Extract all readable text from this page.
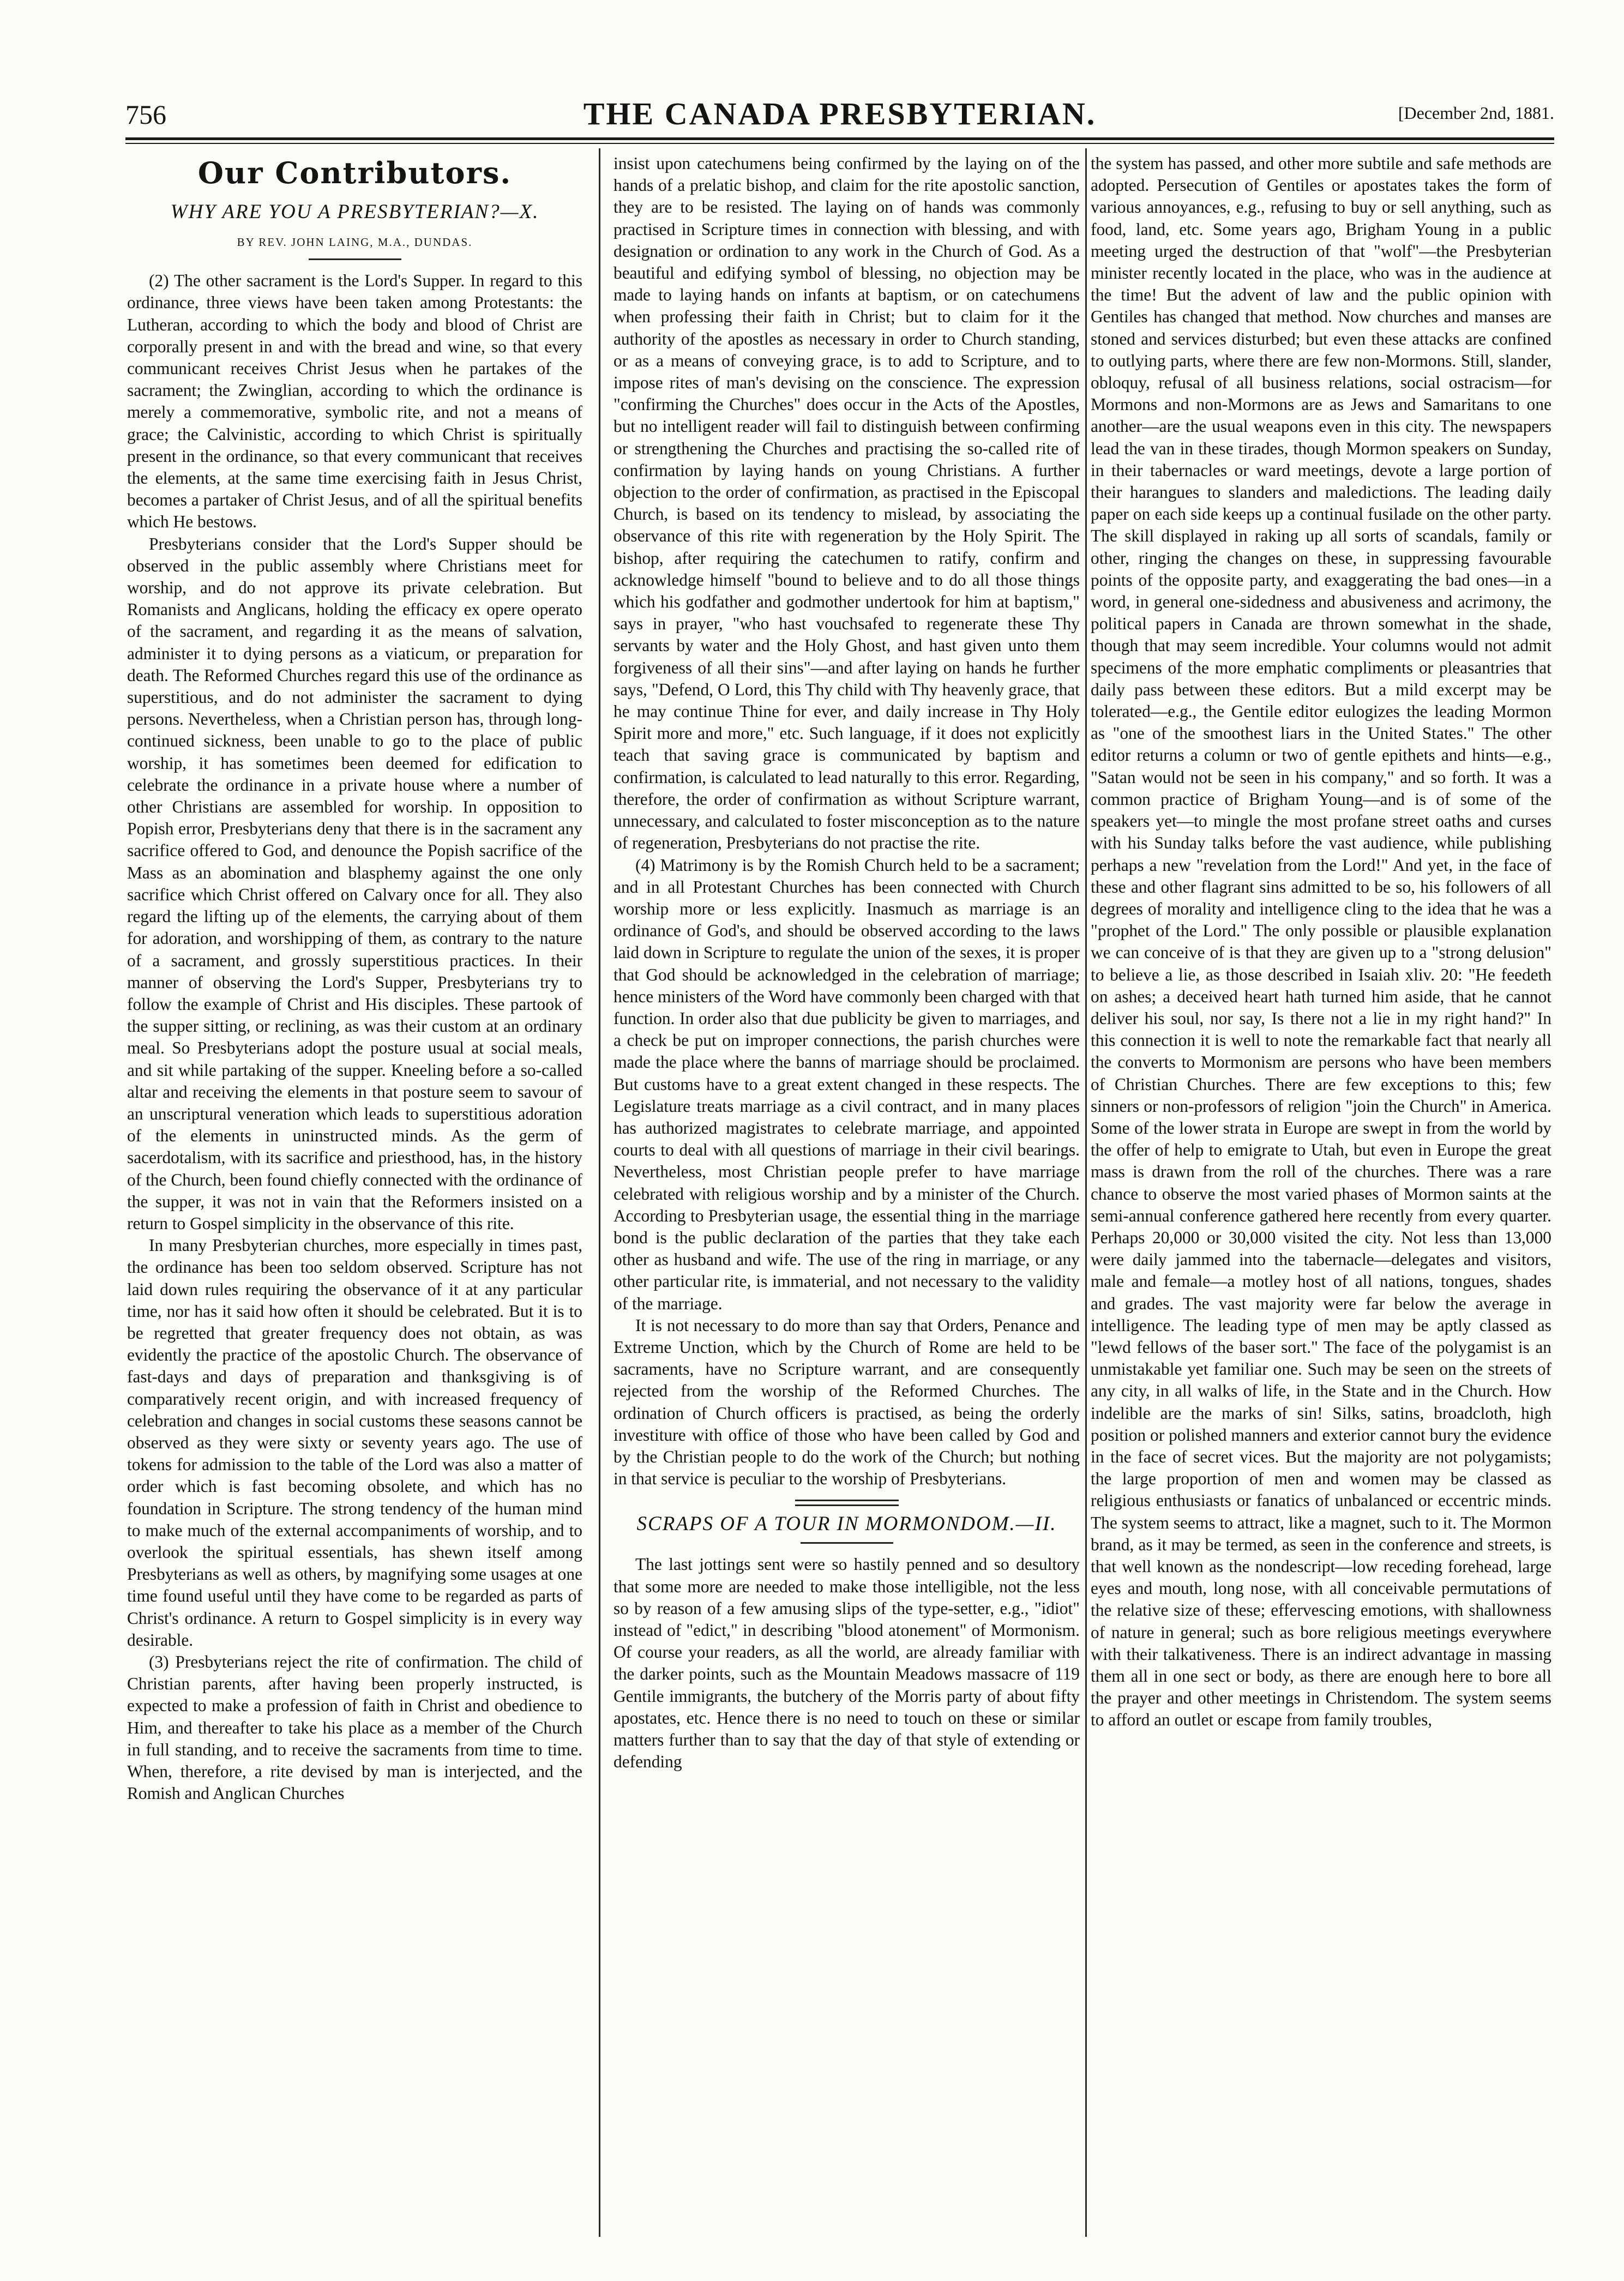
756	THE CANADA PRESBYTERIAN.	[December 2nd, 1881.
Our Contributors.
WHY ARE YOU A PRESBYTERIAN?—X.
BY REV. JOHN LAING, M.A., DUNDAS.

(2) The other sacrament is the Lord's Supper. In regard to this ordinance, three views have been taken among Protestants: the Lutheran, according to which the body and blood of Christ are corporally present in and with the bread and wine, so that every communicant receives Christ Jesus when he partakes of the sacrament; the Zwinglian, according to which the ordinance is merely a commemorative, symbolic rite, and not a means of grace; the Calvinistic, according to which Christ is spiritually present in the ordinance, so that every communicant that receives the elements, at the same time exercising faith in Jesus Christ, becomes a partaker of Christ Jesus, and of all the spiritual benefits which He bestows.

Presbyterians consider that the Lord's Supper should be observed in the public assembly where Christians meet for worship, and do not approve its private celebration. But Romanists and Anglicans, holding the efficacy ex opere operato of the sacrament, and regarding it as the means of salvation, administer it to dying persons as a viaticum, or preparation for death. The Reformed Churches regard this use of the ordinance as superstitious, and do not administer the sacrament to dying persons. Nevertheless, when a Christian person has, through long-continued sickness, been unable to go to the place of public worship, it has sometimes been deemed for edification to celebrate the ordinance in a private house where a number of other Christians are assembled for worship. In opposition to Popish error, Presbyterians deny that there is in the sacrament any sacrifice offered to God, and denounce the Popish sacrifice of the Mass as an abomination and blasphemy against the one only sacrifice which Christ offered on Calvary once for all. They also regard the lifting up of the elements, the carrying about of them for adoration, and worshipping of them, as contrary to the nature of a sacrament, and grossly superstitious practices. In their manner of observing the Lord's Supper, Presbyterians try to follow the example of Christ and His disciples. These partook of the supper sitting, or reclining, as was their custom at an ordinary meal. So Presbyterians adopt the posture usual at social meals, and sit while partaking of the supper. Kneeling before a so-called altar and receiving the elements in that posture seem to savour of an unscriptural veneration which leads to superstitious adoration of the elements in uninstructed minds. As the germ of sacerdotalism, with its sacrifice and priesthood, has, in the history of the Church, been found chiefly connected with the ordinance of the supper, it was not in vain that the Reformers insisted on a return to Gospel simplicity in the observance of this rite.

In many Presbyterian churches, more especially in times past, the ordinance has been too seldom observed. Scripture has not laid down rules requiring the observance of it at any particular time, nor has it said how often it should be celebrated. But it is to be regretted that greater frequency does not obtain, as was evidently the practice of the apostolic Church. The observance of fast-days and days of preparation and thanksgiving is of comparatively recent origin, and with increased frequency of celebration and changes in social customs these seasons cannot be observed as they were sixty or seventy years ago. The use of tokens for admission to the table of the Lord was also a matter of order which is fast becoming obsolete, and which has no foundation in Scripture. The strong tendency of the human mind to make much of the external accompaniments of worship, and to overlook the spiritual essentials, has shewn itself among Presbyterians as well as others, by magnifying some usages at one time found useful until they have come to be regarded as parts of Christ's ordinance. A return to Gospel simplicity is in every way desirable.

(3) Presbyterians reject the rite of confirmation. The child of Christian parents, after having been properly instructed, is expected to make a profession of faith in Christ and obedience to Him, and thereafter to take his place as a member of the Church in full standing, and to receive the sacraments from time to time. When, therefore, a rite devised by man is interjected, and the Romish and Anglican Churches

insist upon catechumens being confirmed by the laying on of the hands of a prelatic bishop, and claim for the rite apostolic sanction, they are to be resisted. The laying on of hands was commonly practised in Scripture times in connection with blessing, and with designation or ordination to any work in the Church of God. As a beautiful and edifying symbol of blessing, no objection may be made to laying hands on infants at baptism, or on catechumens when professing their faith in Christ; but to claim for it the authority of the apostles as necessary in order to Church standing, or as a means of conveying grace, is to add to Scripture, and to impose rites of man's devising on the conscience. The expression "confirming the Churches" does occur in the Acts of the Apostles, but no intelligent reader will fail to distinguish between confirming or strengthening the Churches and practising the so-called rite of confirmation by laying hands on young Christians. A further objection to the order of confirmation, as practised in the Episcopal Church, is based on its tendency to mislead, by associating the observance of this rite with regeneration by the Holy Spirit. The bishop, after requiring the catechumen to ratify, confirm and acknowledge himself "bound to believe and to do all those things which his godfather and godmother undertook for him at baptism," says in prayer, "who hast vouchsafed to regenerate these Thy servants by water and the Holy Ghost, and hast given unto them forgiveness of all their sins"—and after laying on hands he further says, "Defend, O Lord, this Thy child with Thy heavenly grace, that he may continue Thine for ever, and daily increase in Thy Holy Spirit more and more," etc. Such language, if it does not explicitly teach that saving grace is communicated by baptism and confirmation, is calculated to lead naturally to this error. Regarding, therefore, the order of confirmation as without Scripture warrant, unnecessary, and calculated to foster misconception as to the nature of regeneration, Presbyterians do not practise the rite.

(4) Matrimony is by the Romish Church held to be a sacrament; and in all Protestant Churches has been connected with Church worship more or less explicitly. Inasmuch as marriage is an ordinance of God's, and should be observed according to the laws laid down in Scripture to regulate the union of the sexes, it is proper that God should be acknowledged in the celebration of marriage; hence ministers of the Word have commonly been charged with that function. In order also that due publicity be given to marriages, and a check be put on improper connections, the parish churches were made the place where the banns of marriage should be proclaimed. But customs have to a great extent changed in these respects. The Legislature treats marriage as a civil contract, and in many places has authorized magistrates to celebrate marriage, and appointed courts to deal with all questions of marriage in their civil bearings. Nevertheless, most Christian people prefer to have marriage celebrated with religious worship and by a minister of the Church. According to Presbyterian usage, the essential thing in the marriage bond is the public declaration of the parties that they take each other as husband and wife. The use of the ring in marriage, or any other particular rite, is immaterial, and not necessary to the validity of the marriage.

It is not necessary to do more than say that Orders, Penance and Extreme Unction, which by the Church of Rome are held to be sacraments, have no Scripture warrant, and are consequently rejected from the worship of the Reformed Churches. The ordination of Church officers is practised, as being the orderly investiture with office of those who have been called by God and by the Christian people to do the work of the Church; but nothing in that service is peculiar to the worship of Presbyterians.

SCRAPS OF A TOUR IN MORMONDOM.—II.

The last jottings sent were so hastily penned and so desultory that some more are needed to make those intelligible, not the less so by reason of a few amusing slips of the type-setter, e.g., "idiot" instead of "edict," in describing "blood atonement" of Mormonism. Of course your readers, as all the world, are already familiar with the darker points, such as the Mountain Meadows massacre of 119 Gentile immigrants, the butchery of the Morris party of about fifty apostates, etc. Hence there is no need to touch on these or similar matters further than to say that the day of that style of extending or defending

the system has passed, and other more subtile and safe methods are adopted. Persecution of Gentiles or apostates takes the form of various annoyances, e.g., refusing to buy or sell anything, such as food, land, etc. Some years ago, Brigham Young in a public meeting urged the destruction of that "wolf"—the Presbyterian minister recently located in the place, who was in the audience at the time! But the advent of law and the public opinion with Gentiles has changed that method. Now churches and manses are stoned and services disturbed; but even these attacks are confined to outlying parts, where there are few non-Mormons. Still, slander, obloquy, refusal of all business relations, social ostracism—for Mormons and non-Mormons are as Jews and Samaritans to one another—are the usual weapons even in this city. The newspapers lead the van in these tirades, though Mormon speakers on Sunday, in their tabernacles or ward meetings, devote a large portion of their harangues to slanders and maledictions. The leading daily paper on each side keeps up a continual fusilade on the other party. The skill displayed in raking up all sorts of scandals, family or other, ringing the changes on these, in suppressing favourable points of the opposite party, and exaggerating the bad ones—in a word, in general one-sidedness and abusiveness and acrimony, the political papers in Canada are thrown somewhat in the shade, though that may seem incredible. Your columns would not admit specimens of the more emphatic compliments or pleasantries that daily pass between these editors. But a mild excerpt may be tolerated—e.g., the Gentile editor eulogizes the leading Mormon as "one of the smoothest liars in the United States." The other editor returns a column or two of gentle epithets and hints—e.g., "Satan would not be seen in his company," and so forth. It was a common practice of Brigham Young—and is of some of the speakers yet—to mingle the most profane street oaths and curses with his Sunday talks before the vast audience, while publishing perhaps a new "revelation from the Lord!" And yet, in the face of these and other flagrant sins admitted to be so, his followers of all degrees of morality and intelligence cling to the idea that he was a "prophet of the Lord." The only possible or plausible explanation we can conceive of is that they are given up to a "strong delusion" to believe a lie, as those described in Isaiah xliv. 20: "He feedeth on ashes; a deceived heart hath turned him aside, that he cannot deliver his soul, nor say, Is there not a lie in my right hand?" In this connection it is well to note the remarkable fact that nearly all the converts to Mormonism are persons who have been members of Christian Churches. There are few exceptions to this; few sinners or non-professors of religion "join the Church" in America. Some of the lower strata in Europe are swept in from the world by the offer of help to emigrate to Utah, but even in Europe the great mass is drawn from the roll of the churches. There was a rare chance to observe the most varied phases of Mormon saints at the semi-annual conference gathered here recently from every quarter. Perhaps 20,000 or 30,000 visited the city. Not less than 13,000 were daily jammed into the tabernacle—delegates and visitors, male and female—a motley host of all nations, tongues, shades and grades. The vast majority were far below the average in intelligence. The leading type of men may be aptly classed as "lewd fellows of the baser sort." The face of the polygamist is an unmistakable yet familiar one. Such may be seen on the streets of any city, in all walks of life, in the State and in the Church. How indelible are the marks of sin! Silks, satins, broadcloth, high position or polished manners and exterior cannot bury the evidence in the face of secret vices. But the majority are not polygamists; the large proportion of men and women may be classed as religious enthusiasts or fanatics of unbalanced or eccentric minds. The system seems to attract, like a magnet, such to it. The Mormon brand, as it may be termed, as seen in the conference and streets, is that well known as the nondescript—low receding forehead, large eyes and mouth, long nose, with all conceivable permutations of the relative size of these; effervescing emotions, with shallowness of nature in general; such as bore religious meetings everywhere with their talkativeness. There is an indirect advantage in massing them all in one sect or body, as there are enough here to bore all the prayer and other meetings in Christendom. The system seems to afford an outlet or escape from family troubles,
